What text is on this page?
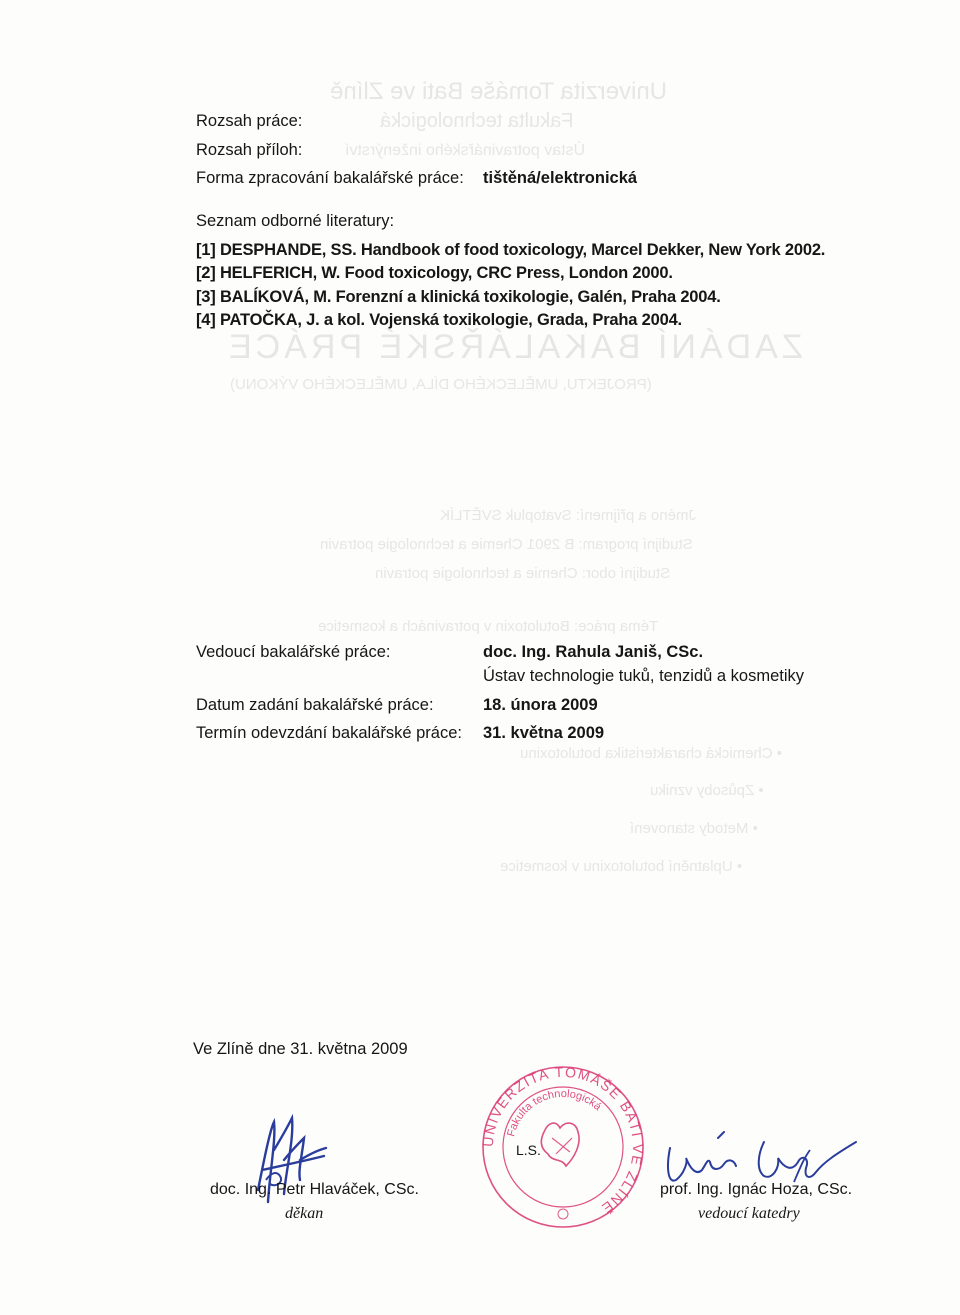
Univerzita Tomáše Bati ve Zlíně
Fakulta technologická
Ústav potravinářského inženýrství
ZADÁNÍ BAKALÁŘSKÉ PRÁCE
(PROJEKTU, UMĚLECKÉHO DÍLA, UMĚLECKÉHO VÝKONU)
Jméno a příjmení: Svatopluk SVĚTLÍK
Studijní program: B 2901 Chemie a technologie potravin
Studijní obor: Chemie a technologie potravin
Téma práce: Botulotoxin v potravinách a kosmetice
• Chemická charakteristika botulotoxinu
• Způsoby vzniku
• Metody stanovení
• Uplatnění botulotoxinu v kosmetice
Rozsah práce:
Rozsah příloh:
Forma zpracování bakalářské práce: tištěná/elektronická
Seznam odborné literatury:
[1] DESPHANDE, SS. Handbook of food toxicology, Marcel Dekker, New York 2002.
[2] HELFERICH, W. Food toxicology, CRC Press, London 2000.
[3] BALÍKOVÁ, M. Forenzní a klinická toxikologie, Galén, Praha 2004.
[4] PATOČKA, J. a kol. Vojenská toxikologie, Grada, Praha 2004.
Vedoucí bakalářské práce:	doc. Ing. Rahula Janiš, CSc.
Ústav technologie tuků, tenzidů a kosmetiky
Datum zadání bakalářské práce:	18. února 2009
Termín odevzdání bakalářské práce: 31. května 2009
Ve Zlíně dne 31. května 2009
doc. Ing. Petr Hlaváček, CSc.
děkan
UNIVERZITA TOMÁŠE BATI VE ZLÍNĚ
Fakulta technologická
L.S.
prof. Ing. Ignác Hoza, CSc.
vedoucí katedry
